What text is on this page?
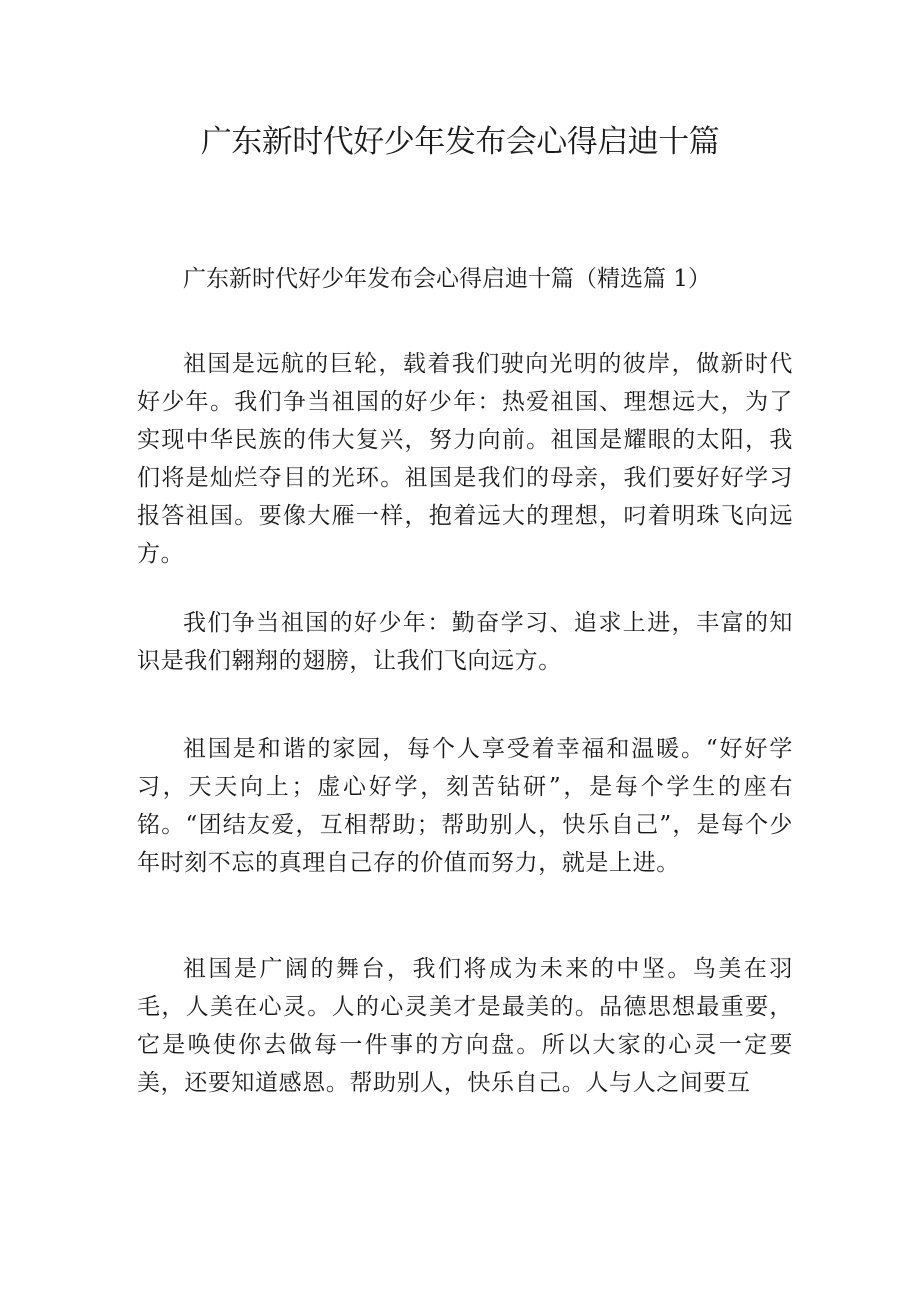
广东新时代好少年发布会心得启迪十篇

广东新时代好少年发布会心得启迪十篇（精选篇 1）

祖国是远航的巨轮，载着我们驶向光明的彼岸，做新时代好少年。我们争当祖国的好少年：热爱祖国、理想远大，为了实现中华民族的伟大复兴，努力向前。祖国是耀眼的太阳，我们将是灿烂夺目的光环。祖国是我们的母亲，我们要好好学习报答祖国。要像大雁一样，抱着远大的理想，叼着明珠飞向远方。

我们争当祖国的好少年：勤奋学习、追求上进，丰富的知识是我们翱翔的翅膀，让我们飞向远方。

祖国是和谐的家园，每个人享受着幸福和温暖。“好好学习，天天向上；虚心好学，刻苦钻研”，是每个学生的座右铭。“团结友爱，互相帮助；帮助别人，快乐自己”，是每个少年时刻不忘的真理自己存的价值而努力，就是上进。

祖国是广阔的舞台，我们将成为未来的中坚。鸟美在羽毛，人美在心灵。人的心灵美才是最美的。品德思想最重要，它是唤使你去做每一件事的方向盘。所以大家的心灵一定要美，还要知道感恩。帮助别人，快乐自己。人与人之间要互
